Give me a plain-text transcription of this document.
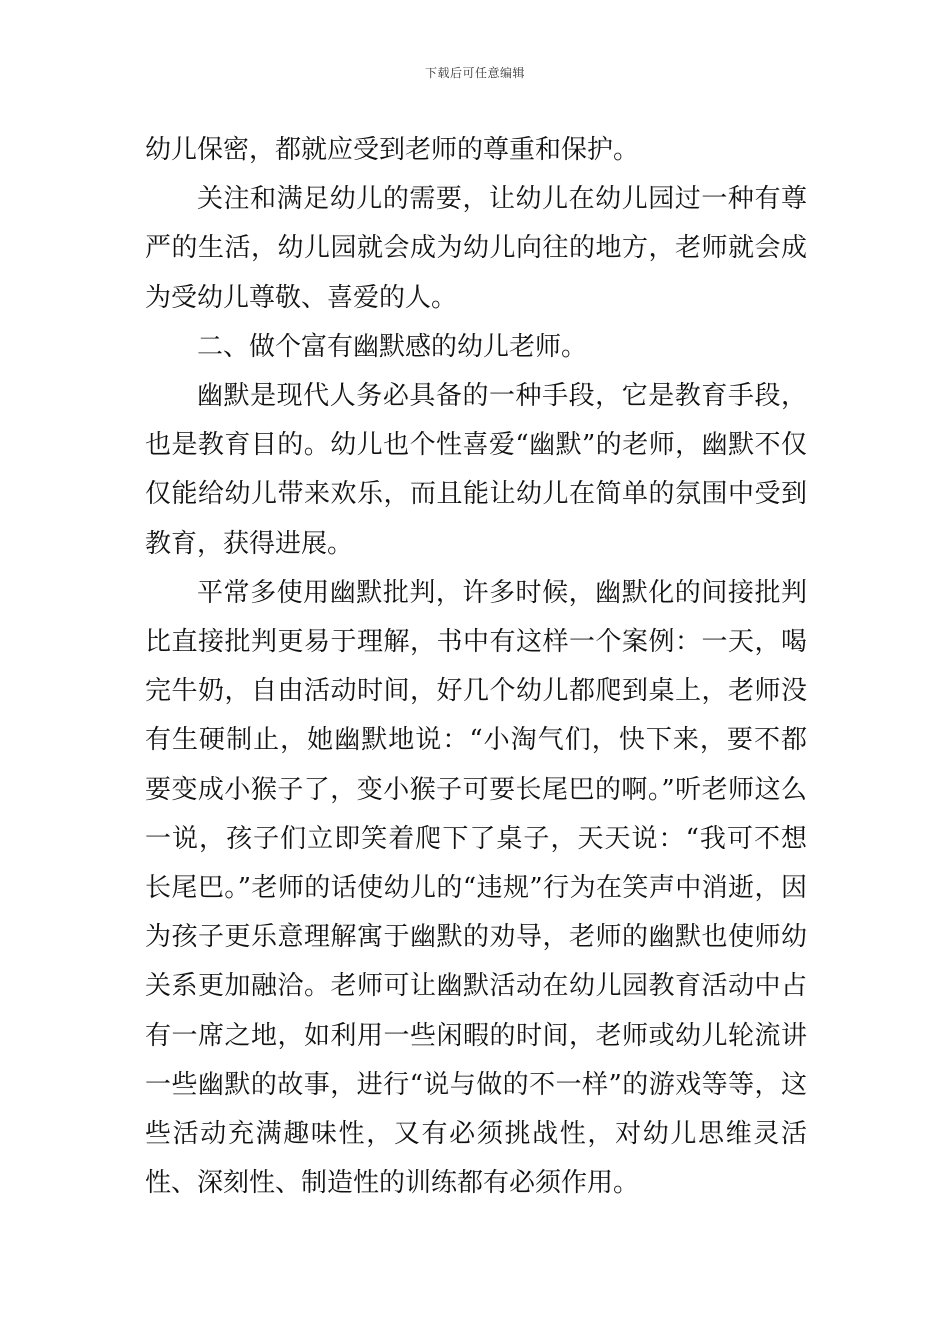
下载后可任意编辑

幼儿保密，都就应受到老师的尊重和保护。

关注和满足幼儿的需要，让幼儿在幼儿园过一种有尊严的生活，幼儿园就会成为幼儿向往的地方，老师就会成为受幼儿尊敬、喜爱的人。

二、做个富有幽默感的幼儿老师。

幽默是现代人务必具备的一种手段，它是教育手段，也是教育目的。幼儿也个性喜爱“幽默”的老师，幽默不仅仅能给幼儿带来欢乐，而且能让幼儿在简单的氛围中受到教育，获得进展。

平常多使用幽默批判，许多时候，幽默化的间接批判比直接批判更易于理解，书中有这样一个案例：一天，喝完牛奶，自由活动时间，好几个幼儿都爬到桌上，老师没有生硬制止，她幽默地说：“小淘气们，快下来，要不都要变成小猴子了，变小猴子可要长尾巴的啊。”听老师这么一说，孩子们立即笑着爬下了桌子，天天说：“我可不想长尾巴。”老师的话使幼儿的“违规”行为在笑声中消逝，因为孩子更乐意理解寓于幽默的劝导，老师的幽默也使师幼关系更加融洽。老师可让幽默活动在幼儿园教育活动中占有一席之地，如利用一些闲暇的时间，老师或幼儿轮流讲一些幽默的故事，进行“说与做的不一样”的游戏等等，这些活动充满趣味性，又有必须挑战性，对幼儿思维灵活性、深刻性、制造性的训练都有必须作用。
